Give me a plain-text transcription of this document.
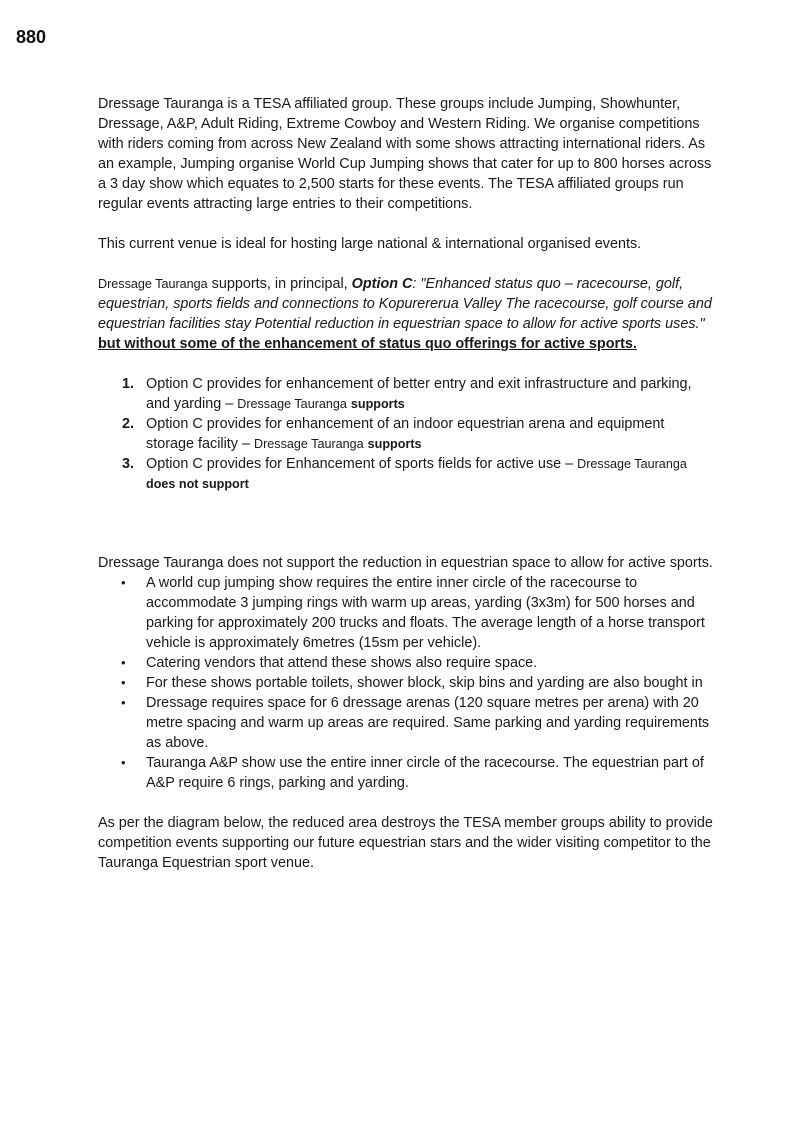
880

Dressage Tauranga is a TESA affiliated group. These groups include Jumping, Showhunter, Dressage, A&P, Adult Riding, Extreme Cowboy and Western Riding. We organise competitions with riders coming from across New Zealand with some shows attracting international riders. As an example, Jumping organise World Cup Jumping shows that cater for up to 800 horses across a 3 day show which equates to 2,500 starts for these events. The TESA affiliated groups run regular events attracting large entries to their competitions.

This current venue is ideal for hosting large national & international organised events.

Dressage Tauranga supports, in principal, Option C: "Enhanced status quo – racecourse, golf, equestrian, sports fields and connections to Kopurererua Valley The racecourse, golf course and equestrian facilities stay Potential reduction in equestrian space to allow for active sports uses." but without some of the enhancement of status quo offerings for active sports.

1. Option C provides for enhancement of better entry and exit infrastructure and parking, and yarding – Dressage Tauranga supports
2. Option C provides for enhancement of an indoor equestrian arena and equipment storage facility – Dressage Tauranga supports
3. Option C provides for Enhancement of sports fields for active use – Dressage Tauranga does not support

Dressage Tauranga does not support the reduction in equestrian space to allow for active sports.

• A world cup jumping show requires the entire inner circle of the racecourse to accommodate 3 jumping rings with warm up areas, yarding (3x3m) for 500 horses and parking for approximately 200 trucks and floats. The average length of a horse transport vehicle is approximately 6metres (15sm per vehicle).
• Catering vendors that attend these shows also require space.
• For these shows portable toilets, shower block, skip bins and yarding are also bought in
• Dressage requires space for 6 dressage arenas (120 square metres per arena) with 20 metre spacing and warm up areas are required. Same parking and yarding requirements as above.
• Tauranga A&P show use the entire inner circle of the racecourse. The equestrian part of A&P require 6 rings, parking and yarding.

As per the diagram below, the reduced area destroys the TESA member groups ability to provide competition events supporting our future equestrian stars and the wider visiting competitor to the Tauranga Equestrian sport venue.
